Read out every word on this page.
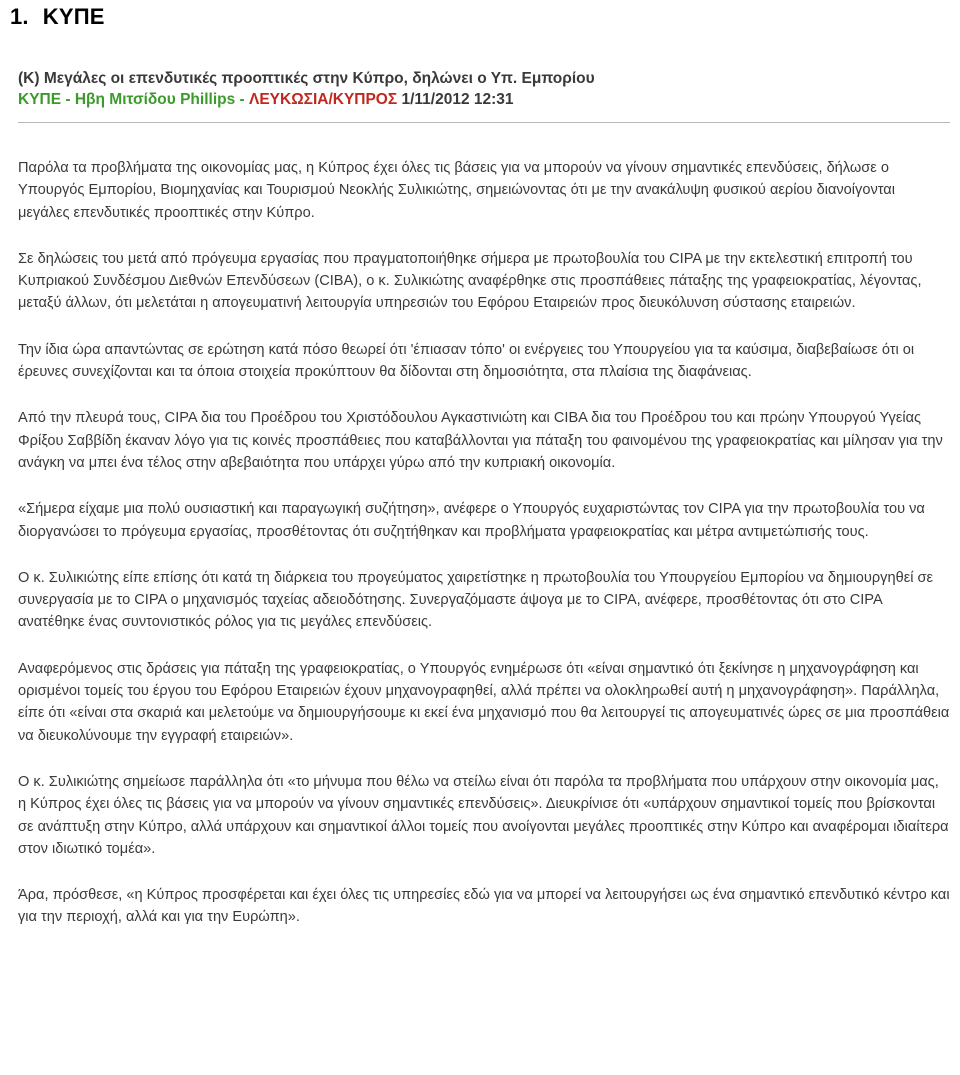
1. ΚΥΠΕ
(Κ) Μεγάλες οι επενδυτικές προοπτικές στην Κύπρο, δηλώνει ο Υπ. Εμπορίου
ΚΥΠΕ - Ηβη Μιτσίδου Phillips - ΛΕΥΚΩΣΙΑ/ΚΥΠΡΟΣ 1/11/2012 12:31

Παρόλα τα προβλήματα της οικονομίας μας, η Κύπρος έχει όλες τις βάσεις για να μπορούν να γίνουν σημαντικές επενδύσεις, δήλωσε ο Υπουργός Εμπορίου, Βιομηχανίας και Τουρισμού Νεοκλής Συλικιώτης, σημειώνοντας ότι με την ανακάλυψη φυσικού αερίου διανοίγονται μεγάλες επενδυτικές προοπτικές στην Κύπρο.

Σε δηλώσεις του μετά από πρόγευμα εργασίας που πραγματοποιήθηκε σήμερα με πρωτοβουλία του CIPA με την εκτελεστική επιτροπή του Κυπριακού Συνδέσμου Διεθνών Επενδύσεων (CIBA), ο κ. Συλικιώτης αναφέρθηκε στις προσπάθειες πάταξης της γραφειοκρατίας, λέγοντας, μεταξύ άλλων, ότι μελετάται η απογευματινή λειτουργία υπηρεσιών του Εφόρου Εταιρειών προς διευκόλυνση σύστασης εταιρειών.

Την ίδια ώρα απαντώντας σε ερώτηση κατά πόσο θεωρεί ότι 'έπιασαν τόπο' οι ενέργειες του Υπουργείου για τα καύσιμα, διαβεβαίωσε ότι οι έρευνες συνεχίζονται και τα όποια στοιχεία προκύπτουν θα δίδονται στη δημοσιότητα, στα πλαίσια της διαφάνειας.

Από την πλευρά τους, CIPA δια του Προέδρου του Χριστόδουλου Αγκαστινιώτη και CIBA δια του Προέδρου του και πρώην Υπουργού Υγείας Φρίξου Σαββίδη έκαναν λόγο για τις κοινές προσπάθειες που καταβάλλονται για πάταξη του φαινομένου της γραφειοκρατίας και μίλησαν για την ανάγκη να μπει ένα τέλος στην αβεβαιότητα που υπάρχει γύρω από την κυπριακή οικονομία.

«Σήμερα είχαμε μια πολύ ουσιαστική και παραγωγική συζήτηση», ανέφερε ο Υπουργός ευχαριστώντας τον CIPA για την πρωτοβουλία του να διοργανώσει το πρόγευμα εργασίας, προσθέτοντας ότι συζητήθηκαν και προβλήματα γραφειοκρατίας και μέτρα αντιμετώπισής τους.

Ο κ. Συλικιώτης είπε επίσης ότι κατά τη διάρκεια του προγεύματος χαιρετίστηκε η πρωτοβουλία του Υπουργείου Εμπορίου να δημιουργηθεί σε συνεργασία με το CIPA ο μηχανισμός ταχείας αδειοδότησης. Συνεργαζόμαστε άψογα με το CIPA, ανέφερε, προσθέτοντας ότι στο CIPA ανατέθηκε ένας συντονιστικός ρόλος για τις μεγάλες επενδύσεις.

Αναφερόμενος στις δράσεις για πάταξη της γραφειοκρατίας, ο Υπουργός ενημέρωσε ότι «είναι σημαντικό ότι ξεκίνησε η μηχανογράφηση και ορισμένοι τομείς του έργου του Εφόρου Εταιρειών έχουν μηχανογραφηθεί, αλλά πρέπει να ολοκληρωθεί αυτή η μηχανογράφηση». Παράλληλα, είπε ότι «είναι στα σκαριά και μελετούμε να δημιουργήσουμε κι εκεί ένα μηχανισμό που θα λειτουργεί τις απογευματινές ώρες σε μια προσπάθεια να διευκολύνουμε την εγγραφή εταιρειών».

Ο κ. Συλικιώτης σημείωσε παράλληλα ότι «το μήνυμα που θέλω να στείλω είναι ότι παρόλα τα προβλήματα που υπάρχουν στην οικονομία μας, η Κύπρος έχει όλες τις βάσεις για να μπορούν να γίνουν σημαντικές επενδύσεις». Διευκρίνισε ότι «υπάρχουν σημαντικοί τομείς που βρίσκονται σε ανάπτυξη στην Κύπρο, αλλά υπάρχουν και σημαντικοί άλλοι τομείς που ανοίγονται μεγάλες προοπτικές στην Κύπρο και αναφέρομαι ιδιαίτερα στον ιδιωτικό τομέα».

Άρα, πρόσθεσε, «η Κύπρος προσφέρεται και έχει όλες τις υπηρεσίες εδώ για να μπορεί να λειτουργήσει ως ένα σημαντικό επενδυτικό κέντρο και για την περιοχή, αλλά και για την Ευρώπη».
